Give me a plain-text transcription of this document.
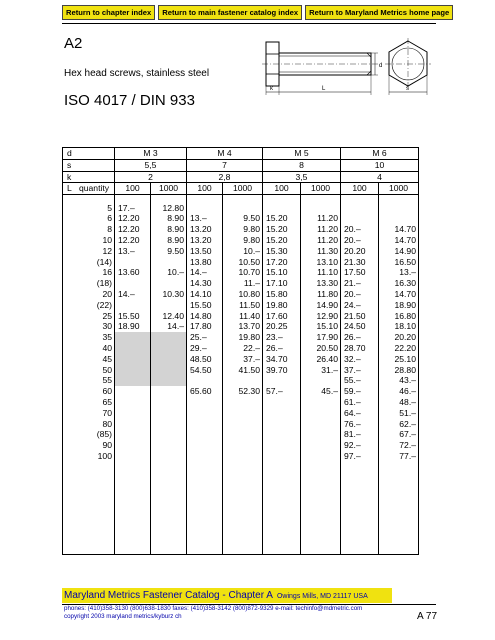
Return to chapter index	Return to main fastener catalog index	Return to Maryland Metrics home page
A2
Hex head screws, stainless steel
ISO 4017 / DIN 933
d
k	L	s
d	M 3		M 4		M 5		M 6	
s	5,5		7		8		10	
k	2		2,8		3,5		4	
L quantity	100	1000	100	1000	100	1000	100	1000

5	17.–	12.80						
6	12.20	8.90	13.–	9.50	15.20	11.20		
8	12.20	8.90	13.20	9.80	15.20	11.20	20.–	14.70
10	12.20	8.90	13.20	9.80	15.20	11.20	20.–	14.70
12	13.–	9.50	13.50	10.–	15.30	11.30	20.20	14.90
(14)			13.80	10.50	17.20	13.10	21.30	16.50
16	13.60	10.–	14.–	10.70	15.10	11.10	17.50	13.–
(18)			14.30	11.–	17.10	13.30	21.–	16.30
20	14.–	10.30	14.10	10.80	15.80	11.80	20.–	14.70
(22)			15.50	11.50	19.80	14.90	24.–	18.90
25	15.50	12.40	14.80	11.40	17.60	12.90	21.50	16.80
30	18.90	14.–	17.80	13.70	20.25	15.10	24.50	18.10
35			25.–	19.80	23.–	17.90	26.–	20.20
40			29.–	22.–	26.–	20.50	28.70	22.20
45			48.50	37.–	34.70	26.40	32.–	25.10
50			54.50	41.50	39.70	31.–	37.–	28.80
55							55.–	43.–
60			65.60	52.30	57.–	45.–	59.–	46.–
65							61.–	48.–
70							64.–	51.–
80							76.–	62.–
(85)							81.–	67.–
90							92.–	72.–
100							97.–	77.–

Maryland Metrics Fastener Catalog - Chapter A Owings Mills, MD 21117 USA
phones: (410)358-3130 (800)638-1830 faxes: (410)358-3142 (800)872-9329 e-mail: techinfo@mdmetric.com
copyright 2003 maryland metrics/kyburz ch	A 77
